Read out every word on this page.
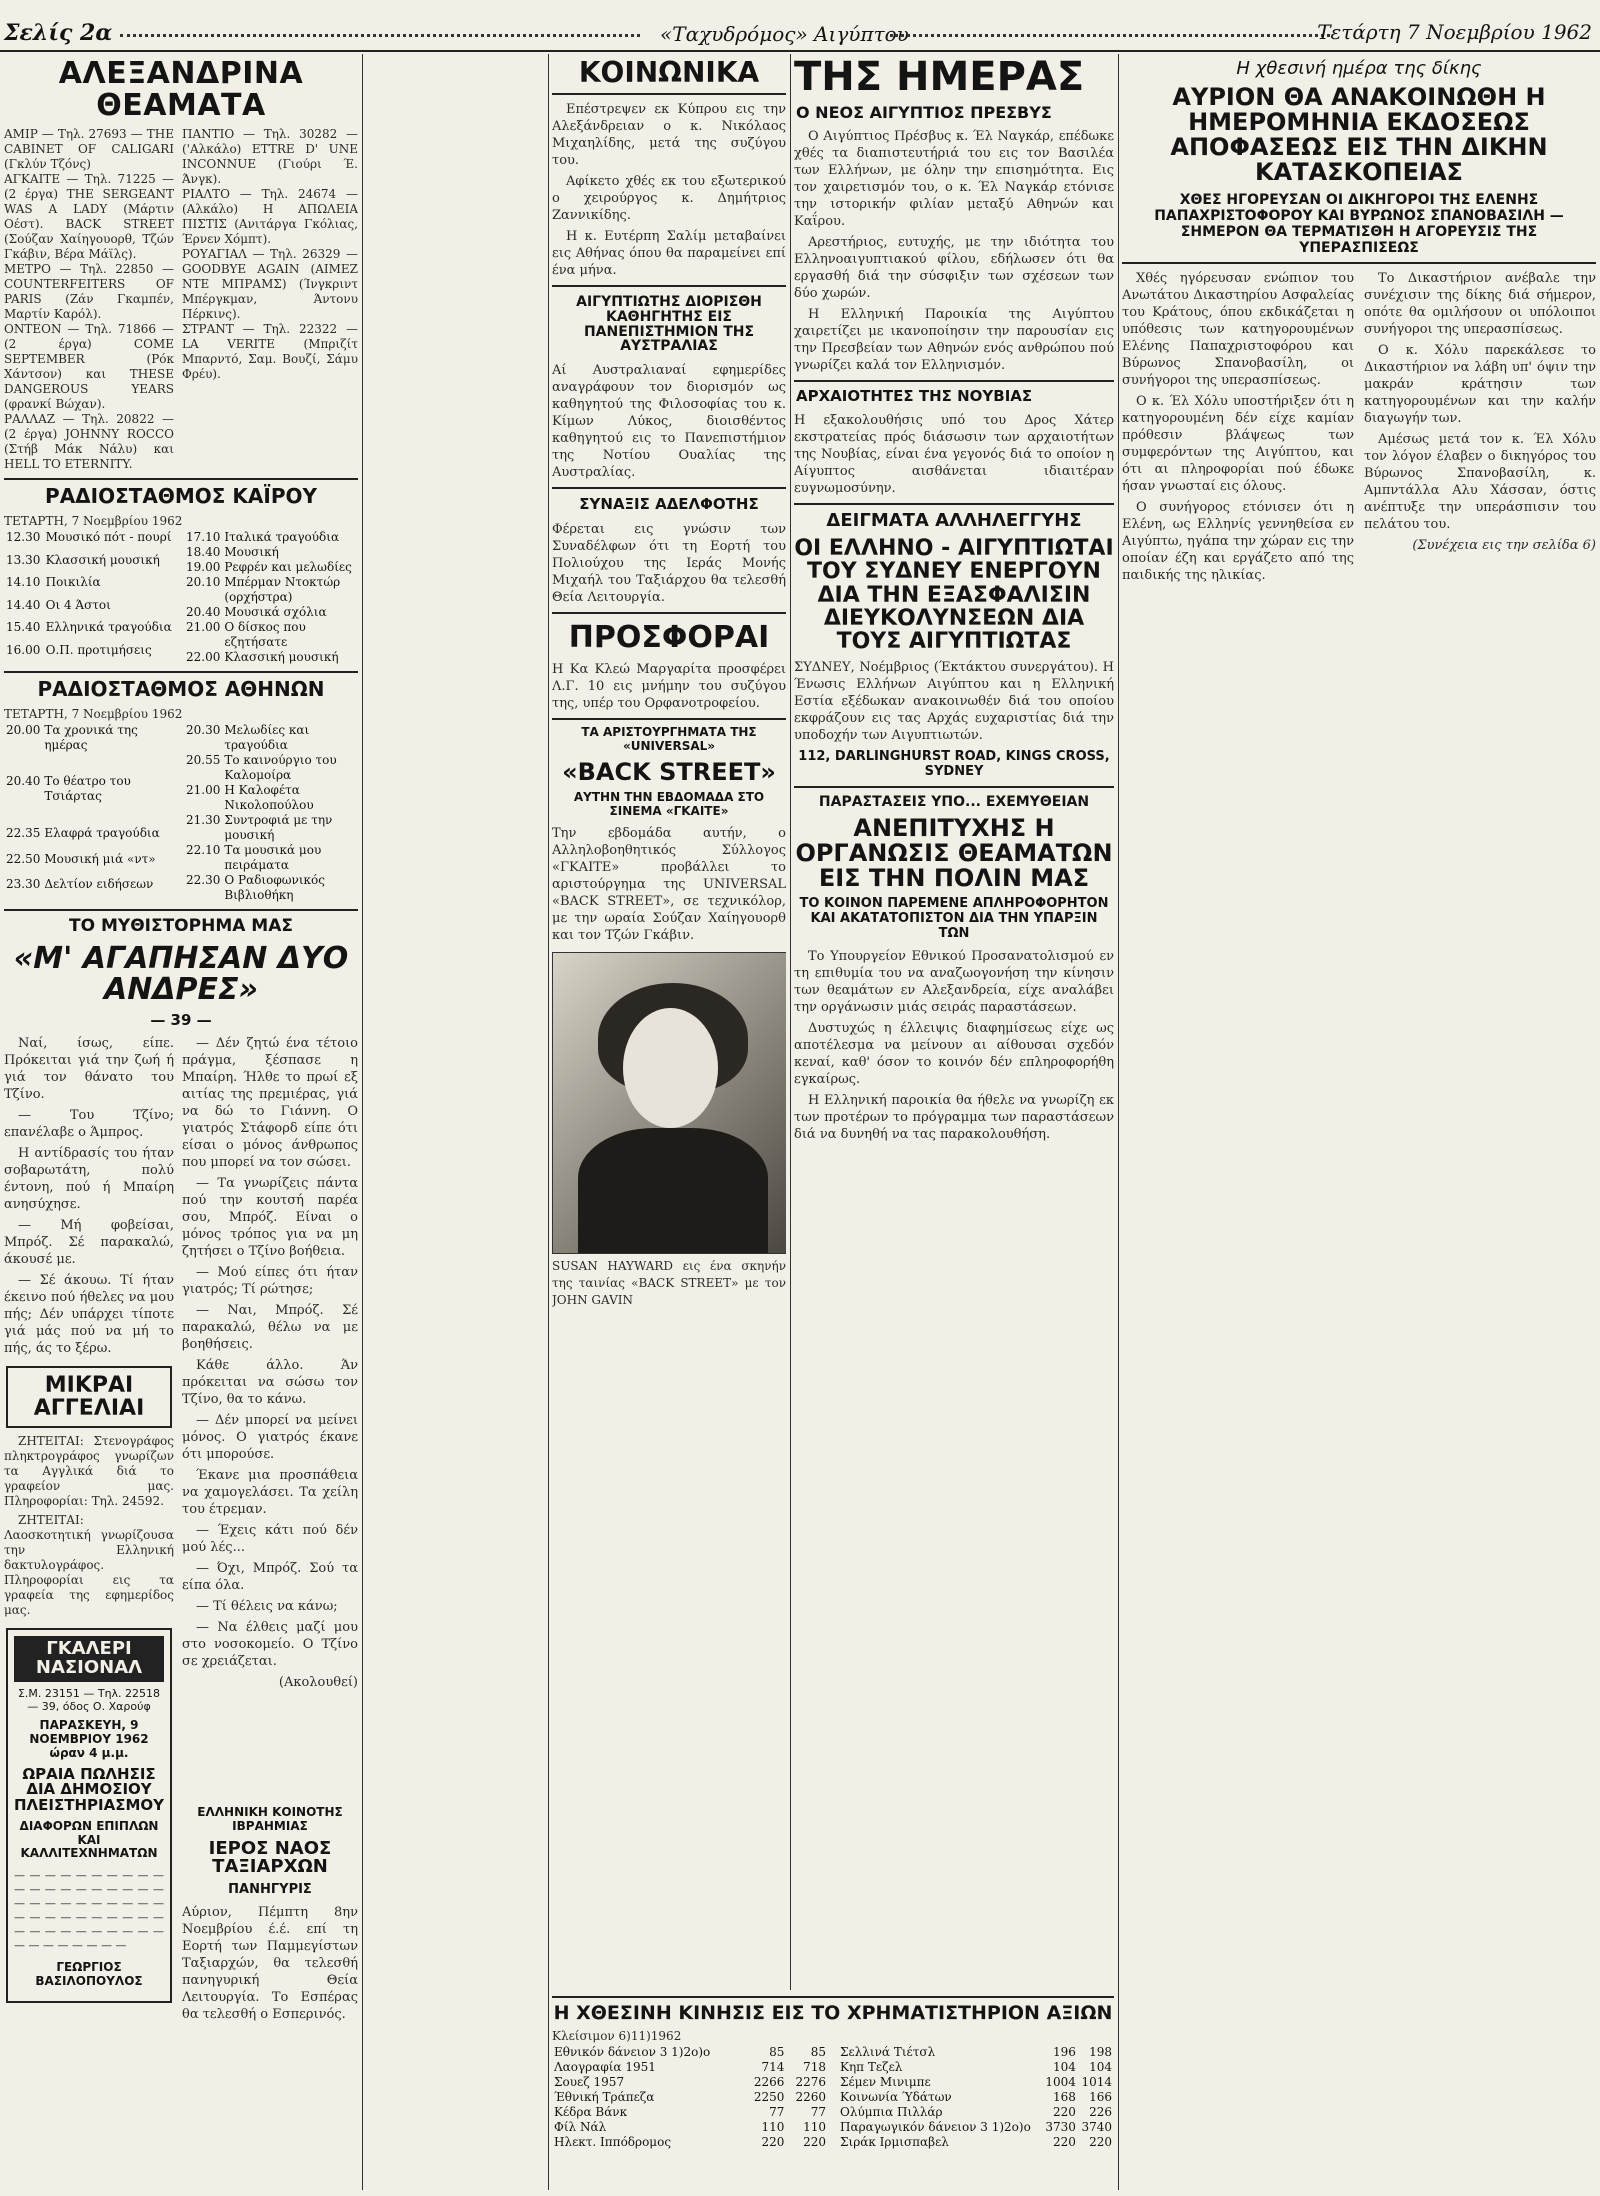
Σελίς 2α	«Ταχυδρόμος» Αιγύπτου	Τετάρτη 7 Νοεμβρίου 1962
ΑΛΕΞΑΝΔΡΙΝΑ ΘΕΑΜΑΤΑ
ΑΜΙΡ — Τηλ. 27693 — THE CABINET OF CALIGARI (Γκλύν Τζόνς)
ΑΓΚΑΙΤΕ — Τηλ. 71225 — (2 έργα) THE SERGEANT WAS A LADY (Μάρτιν Οέστ). BACK STREET (Σούζαν Χαίηγουορθ, Τζών Γκάβιν, Βέρα Μάϊλς).
ΜΕΤΡΟ — Τηλ. 22850 — COUNTERFEITERS OF PARIS (Ζάν Γκαμπέν, Μαρτίν Καρόλ).
ΟΝΤΕΟΝ — Τηλ. 71866 — (2 έργα) COME SEPTEMBER (Ρόκ Χάντσον) και THESE DANGEROUS YEARS (φρανκί Βώχαν).
ΡΑΛΛΑΖ — Τηλ. 20822 — (2 έργα) JOHNNY ROCCO (Στήβ Μάκ Νάλυ) και HELL TO ETERNITY.
ΠΑΝΤΙΟ — Τηλ. 30282 — ('Αλκάλο) ETTRE D' UNE INCONNUE (Γιούρι Έ. Άνγκ).
ΡΙΑΛΤΟ — Τηλ. 24674 — (Αλκάλο) Η ΑΠΩΛΕΙΑ ΠΙΣΤΙΣ (Ανιτάργα Γκόλιας, Έρνεν Χόμπτ).
ΡΟΥΑΓΙΑΛ — Τηλ. 26329 — GOODBYE AGAIN (ΑΙΜΕΖ ΝΤΕ ΜΠΡΑΜΣ) (Ίνγκριντ Μπέργκμαν, Άντονυ Πέρκινς).
ΣΤΡΑΝΤ — Τηλ. 22322 — LA VERITE (Μπριζίτ Μπαρντό, Σαμ. Βουζί, Σάμυ Φρέυ).
ΡΑΔΙΟΣΤΑΘΜΟΣ ΚΑΪΡΟΥ
ΤΕΤΑΡΤΗ, 7 Νοεμβρίου 1962
12.30	Μουσικό πότ - πουρί
13.30	Κλασσική μουσική
14.10	Ποικιλία
14.40	Οι 4 Άστοι
15.40	Ελληνικά τραγούδια
16.00	Ο.Π. προτιμήσεις
17.10	Ιταλικά τραγούδια
18.40	Μουσική
19.00	Ρεφρέν και μελωδίες
20.10	Μπέρμαν Ντοκτώρ (ορχήστρα)
20.40	Μουσικά σχόλια
21.00	Ο δίσκος που εζητήσατε
22.00	Κλασσική μουσική
ΡΑΔΙΟΣΤΑΘΜΟΣ ΑΘΗΝΩΝ
ΤΕΤΑΡΤΗ, 7 Νοεμβρίου 1962
20.00	Τα χρονικά της ημέρας
20.40	Το θέατρο του Τσιάρτας
22.35	Ελαφρά τραγούδια
22.50	Μουσική μιά «ντ»
23.30	Δελτίον ειδήσεων
20.30	Μελωδίες και τραγούδια
20.55	Το καινούργιο του Καλομοίρα
21.00	Η Καλοφέτα Νικολοπούλου
21.30	Συντροφιά με την μουσική
22.10	Τα μουσικά μου πειράματα
22.30	Ο Ραδιοφωνικός Βιβλιοθήκη
ΤΟ ΜΥΘΙΣΤΟΡΗΜΑ ΜΑΣ
«Μ' ΑΓΑΠΗΣΑΝ ΔΥΟ ΑΝΔΡΕΣ»
— 39 —

Ναί, ίσως, είπε. Πρόκειται γιά την ζωή ή γιά τον θάνατο του Τζίνο.

— Του Τζίνο; επανέλαβε ο Άμπρος.

Η αντίδρασίς του ήταν σοβαρωτάτη, πολύ έντονη, πού ή Μπαίρη ανησύχησε.

— Μή φοβείσαι, Μπρόζ. Σέ παρακαλώ, άκουσέ με.

— Σέ άκουω. Τί ήταν έκεινο πού ήθελες να μου πής; Δέν υπάρχει τίποτε γιά μάς πού να μή το πής, άς το ξέρω.

— Δέν ζητώ ένα τέτοιο πράγμα, ξέσπασε η Μπαίρη. Ήλθε το πρωί εξ αιτίας της πρεμιέρας, γιά να δώ το Γιάννη. Ο γιατρός Στάφορδ είπε ότι είσαι ο μόνος άνθρωπος που μπορεί να τον σώσει.

— Τα γνωρίζεις πάντα πού την κουτσή παρέα σου, Μπρόζ. Είναι ο μόνος τρόπος για να μη ζητήσει ο Τζίνο βοήθεια.

— Μού είπες ότι ήταν γιατρός; Τί ρώτησε;

— Ναι, Μπρόζ. Σέ παρακαλώ, θέλω να με βοηθήσεις.

Κάθε άλλο. Άν πρόκειται να σώσω τον Τζίνο, θα το κάνω.

— Δέν μπορεί να μείνει μόνος. Ο γιατρός έκανε ότι μπορούσε.

Έκανε μια προσπάθεια να χαμογελάσει. Τα χείλη του έτρεμαν.

— Έχεις κάτι πού δέν μού λές...

— Όχι, Μπρόζ. Σού τα είπα όλα.

— Τί θέλεις να κάνω;

— Να έλθεις μαζί μου στο νοσοκομείο. Ο Τζίνο σε χρειάζεται.

(Ακολουθεί)
ΜΙΚΡΑΙ ΑΓΓΕΛΙΑΙ

ΖΗΤΕΙΤΑΙ: Στενογράφος πληκτρογράφος γνωρίζων τα Αγγλικά διά το γραφείον μας. Πληροφορίαι: Τηλ. 24592.

ΖΗΤΕΙΤΑΙ: Λαοσκοτητική γνωρίζουσα την Ελληνική δακτυλογράφος. Πληροφορίαι εις τα γραφεία της εφημερίδος μας.

ΓΚΑΛΕΡΙ ΝΑΣΙΟΝΑΛ
Σ.Μ. 23151 — Τηλ. 22518 — 39, όδος Ο. Χαρούφ
ΠΑΡΑΣΚΕΥΗ, 9 ΝΟΕΜΒΡΙΟΥ 1962 ώραν 4 μ.μ.
ΩΡΑΙΑ ΠΩΛΗΣΙΣ ΔΙΑ ΔΗΜΟΣΙΟΥ ΠΛΕΙΣΤΗΡΙΑΣΜΟΥ
ΔΙΑΦΟΡΩΝ ΕΠΙΠΛΩΝ ΚΑΙ ΚΑΛΛΙΤΕΧΝΗΜΑΤΩΝ
— — — — — — — — — — — — — — — — — — — — — — — — — — — — — — — — — — — — — — — — — — — — — — — — — — — — — — — — — —
ΓΕΩΡΓΙΟΣ ΒΑΣΙΛΟΠΟΥΛΟΣ
ΕΛΛΗΝΙΚΗ ΚΟΙΝΟΤΗΣ ΙΒΡΑΗΜΙΑΣ
ΙΕΡΟΣ ΝΑΟΣ ΤΑΞΙΑΡΧΩΝ
ΠΑΝΗΓΥΡΙΣ
Αύριον, Πέμπτη 8ην Νοεμβρίου έ.έ. επί τη Εορτή των Παμμεγίστων Ταξιαρχών, θα τελεσθή πανηγυρική Θεία Λειτουργία. Το Εσπέρας θα τελεσθή ο Εσπερινός.
ΚΟΙΝΩΝΙΚΑ

Επέστρεψεν εκ Κύπρου εις την Αλεξάνδρειαν ο κ. Νικόλαος Μιχαηλίδης, μετά της συζύγου του.

Αφίκετο χθές εκ του εξωτερικού ο χειρούργος κ. Δημήτριος Ζαννικίδης.

Η κ. Ευτέρπη Σαλίμ μεταβαίνει εις Αθήνας όπου θα παραμείνει επί ένα μήνα.

ΑΙΓΥΠΤΙΩΤΗΣ ΔΙΟΡΙΣΘΗ ΚΑΘΗΓΗΤΗΣ ΕΙΣ ΠΑΝΕΠΙΣΤΗΜΙΟΝ ΤΗΣ ΑΥΣΤΡΑΛΙΑΣ
Αί Αυστραλιαναί εφημερίδες αναγράφουν τον διορισμόν ως καθηγητού της Φιλοσοφίας του κ. Κίμων Λύκος, διοισθέντος καθηγητού εις το Πανεπιστήμιον της Νοτίου Ουαλίας της Αυστραλίας.
ΣΥΝΑΞΙΣ ΑΔΕΛΦΟΤΗΣ
Φέρεται εις γνώσιν των Συναδέλφων ότι τη Εορτή του Πολιούχου της Ιεράς Μονής Μιχαήλ του Ταξιάρχου θα τελεσθή Θεία Λειτουργία.
ΠΡΟΣΦΟΡΑΙ
Η Κα Κλεώ Μαργαρίτα προσφέρει Λ.Γ. 10 εις μνήμην του συζύγου της, υπέρ του Ορφανοτροφείου.
ΤΑ ΑΡΙΣΤΟΥΡΓΗΜΑΤΑ ΤΗΣ «UNIVERSAL»
«BACK STREET»
ΑΥΤΗΝ ΤΗΝ ΕΒΔΟΜΑΔΑ ΣΤΟ ΣΙΝΕΜΑ «ΓΚΑΙΤΕ»
Την εβδομάδα αυτήν, ο Αλληλοβοηθητικός Σύλλογος «ΓΚΑΙΤΕ» προβάλλει το αριστούργημα της UNIVERSAL «BACK STREET», σε τεχνικόλορ, με την ωραία Σούζαν Χαίηγουορθ και τον Τζών Γκάβιν.
SUSAN HAYWARD εις ένα σκηνήν της ταινίας «BACK STREET» με τον JOHN GAVIN
ΤΗΣ ΗΜΕΡΑΣ
Ο ΝΕΟΣ ΑΙΓΥΠΤΙΟΣ ΠΡΕΣΒΥΣ

Ο Αιγύπτιος Πρέσβυς κ. Έλ Ναγκάρ, επέδωκε χθές τα διαπιστευτήριά του εις τον Βασιλέα των Ελλήνων, με όλην την επισημότητα. Εις τον χαιρετισμόν του, ο κ. Έλ Ναγκάρ ετόνισε την ιστορικήν φιλίαν μεταξύ Αθηνών και Καΐρου.

Αρεστήριος, ευτυχής, με την ιδιότητα του Ελληνοαιγυπτιακού φίλου, εδήλωσεν ότι θα εργασθή διά την σύσφιξιν των σχέσεων των δύο χωρών.

Η Ελληνική Παροικία της Αιγύπτου χαιρετίζει με ικανοποίησιν την παρουσίαν εις την Πρεσβείαν των Αθηνών ενός ανθρώπου πού γνωρίζει καλά τον Ελληνισμόν.

ΑΡΧΑΙΟΤΗΤΕΣ ΤΗΣ ΝΟΥΒΙΑΣ
Η εξακολουθήσις υπό του Δρος Χάτερ εκστρατείας πρός διάσωσιν των αρχαιοτήτων της Νουβίας, είναι ένα γεγονός διά το οποίον η Αίγυπτος αισθάνεται ιδιαιτέραν ευγνωμοσύνην.
ΔΕΙΓΜΑΤΑ ΑΛΛΗΛΕΓΓΥΗΣ
ΟΙ ΕΛΛΗΝΟ - ΑΙΓΥΠΤΙΩΤΑΙ ΤΟΥ ΣΥΔΝΕΥ ΕΝΕΡΓΟΥΝ ΔΙΑ ΤΗΝ ΕΞΑΣΦΑΛΙΣΙΝ ΔΙΕΥΚΟΛΥΝΣΕΩΝ ΔΙΑ ΤΟΥΣ ΑΙΓΥΠΤΙΩΤΑΣ
ΣΥΔΝΕΥ, Νοέμβριος (Έκτάκτου συνεργάτου). Η Ένωσις Ελλήνων Αιγύπτου και η Ελληνική Εστία εξέδωκαν ανακοινωθέν διά του οποίου εκφράζουν εις τας Αρχάς ευχαριστίας διά την υποδοχήν των Αιγυπτιωτών.
112, DARLINGHURST ROAD, KINGS CROSS, SYDNEY
ΠΑΡΑΣΤΑΣΕΙΣ ΥΠΟ... ΕΧΕΜΥΘΕΙΑΝ
ΑΝΕΠΙΤΥΧΗΣ Η ΟΡΓΑΝΩΣΙΣ ΘΕΑΜΑΤΩΝ ΕΙΣ ΤΗΝ ΠΟΛΙΝ ΜΑΣ
ΤΟ ΚΟΙΝΟΝ ΠΑΡΕΜΕΝΕ ΑΠΛΗΡΟΦΟΡΗΤΟΝ ΚΑΙ ΑΚΑΤΑΤΟΠΙΣΤΟΝ ΔΙΑ ΤΗΝ ΥΠΑΡΞΙΝ ΤΩΝ

Το Υπουργείον Εθνικού Προσανατολισμού εν τη επιθυμία του να αναζωογονήση την κίνησιν των θεαμάτων εν Αλεξανδρεία, είχε αναλάβει την οργάνωσιν μιάς σειράς παραστάσεων.

Δυστυχώς η έλλειψις διαφημίσεως είχε ως αποτέλεσμα να μείνουν αι αίθουσαι σχεδόν κεναί, καθ' όσον το κοινόν δέν επληροφορήθη εγκαίρως.

Η Ελληνική παροικία θα ήθελε να γνωρίζη εκ των προτέρων το πρόγραμμα των παραστάσεων διά να δυνηθή να τας παρακολουθήση.

Η ΧΘΕΣΙΝΗ ΚΙΝΗΣΙΣ ΕΙΣ ΤΟ ΧΡΗΜΑΤΙΣΤΗΡΙΟΝ ΑΞΙΩΝ
Κλείσιμον 6)11)1962
Εθνικόν δάνειον 3 1)2ο)ο	85	85
Λαογραφία 1951	714	718
Σουεζ 1957	2266	2276
Έθνική Τράπεζα	2250	2260
Κέδρα Βάνκ	77	77
Φίλ Νάλ	110	110
Ηλεκτ. Ιππόδρομος	220	220
Σελλινά Τιέτσλ	196	198
Κηπ Τεζελ	104	104
Σέμεν Μινιμπε	1004	1014
Κοινωνία Ύδάτων	168	166
Ολύμπια Πιλλάρ	220	226
Παραγωγικόν δάνειον 3 1)2ο)ο	3730	3740
Σιράκ Ιρμισπαβελ	220	220
Η χθεσινή ημέρα της δίκης
ΑΥΡΙΟΝ ΘΑ ΑΝΑΚΟΙΝΩΘΗ Η ΗΜΕΡΟΜΗΝΙΑ ΕΚΔΟΣΕΩΣ ΑΠΟΦΑΣΕΩΣ ΕΙΣ ΤΗΝ ΔΙΚΗΝ ΚΑΤΑΣΚΟΠΕΙΑΣ
ΧΘΕΣ ΗΓΟΡΕΥΣΑΝ ΟΙ ΔΙΚΗΓΟΡΟΙ ΤΗΣ ΕΛΕΝΗΣ ΠΑΠΑΧΡΙΣΤΟΦΟΡΟΥ ΚΑΙ ΒΥΡΩΝΟΣ ΣΠΑΝΟΒΑΣΙΛΗ — ΣΗΜΕΡΟΝ ΘΑ ΤΕΡΜΑΤΙΣΘΗ Η ΑΓΟΡΕΥΣΙΣ ΤΗΣ ΥΠΕΡΑΣΠΙΣΕΩΣ

Χθές ηγόρευσαν ενώπιον του Ανωτάτου Δικαστηρίου Ασφαλείας του Κράτους, όπου εκδικάζεται η υπόθεσις των κατηγορουμένων Ελένης Παπαχριστοφόρου και Βύρωνος Σπανοβασίλη, οι συνήγοροι της υπερασπίσεως.

Ο κ. Έλ Χόλυ υποστήριξεν ότι η κατηγορουμένη δέν είχε καμίαν πρόθεσιν βλάψεως των συμφερόντων της Αιγύπτου, και ότι αι πληροφορίαι πού έδωκε ήσαν γνωσταί εις όλους.

Ο συνήγορος ετόνισεν ότι η Ελένη, ως Ελληνίς γεννηθείσα εν Αιγύπτω, ηγάπα την χώραν εις την οποίαν έζη και εργάζετο από της παιδικής της ηλικίας.

Το Δικαστήριον ανέβαλε την συνέχισιν της δίκης διά σήμερον, οπότε θα ομιλήσουν οι υπόλοιποι συνήγοροι της υπερασπίσεως.

Ο κ. Χόλυ παρεκάλεσε το Δικαστήριον να λάβη υπ' όψιν την μακράν κράτησιν των κατηγορουμένων και την καλήν διαγωγήν των.

Αμέσως μετά τον κ. Έλ Χόλυ τον λόγον έλαβεν ο δικηγόρος του Βύρωνος Σπανοβασίλη, κ. Αμπντάλλα Αλυ Χάσσαν, όστις ανέπτυξε την υπεράσπισιν του πελάτου του.

(Συνέχεια εις την σελίδα 6)
